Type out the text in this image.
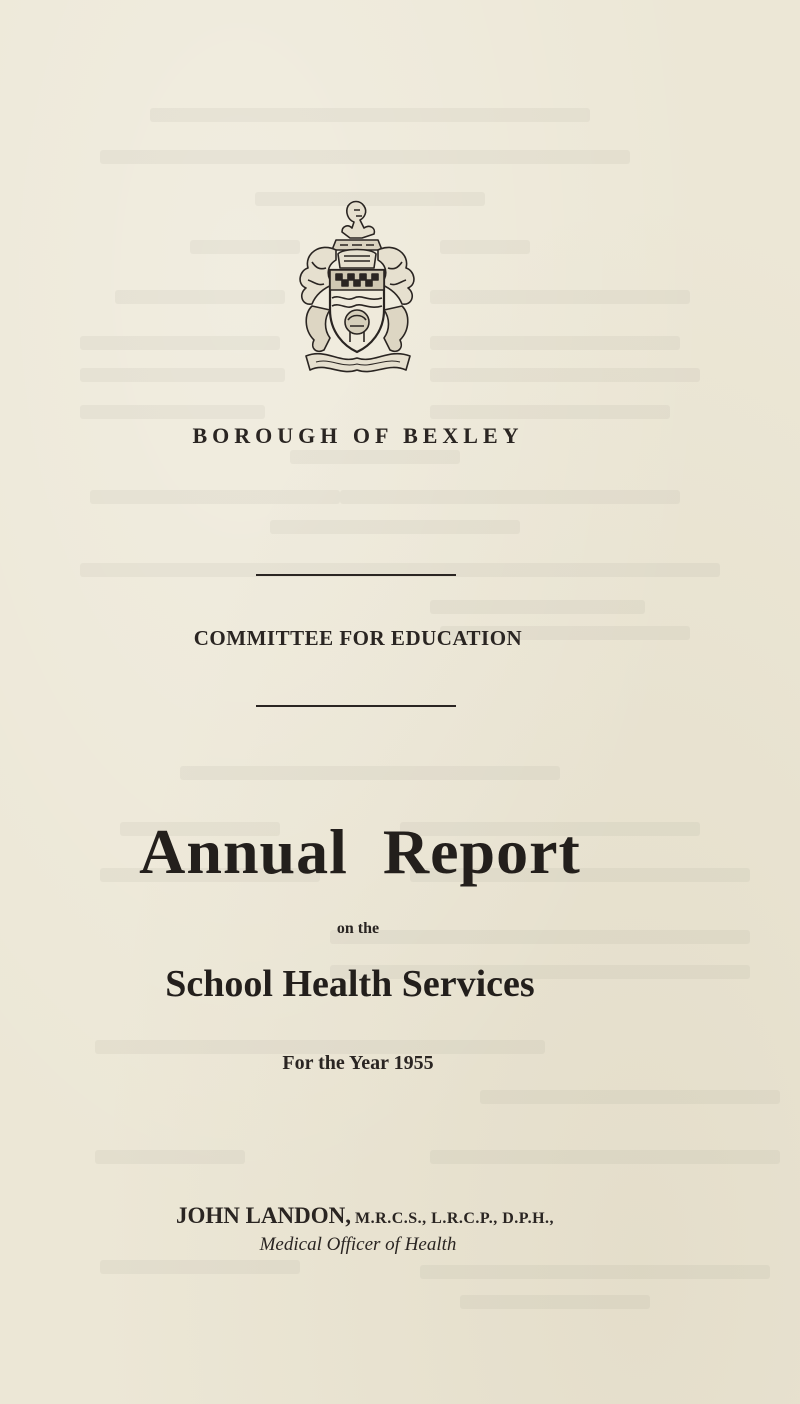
BOROUGH OF BEXLEY
COMMITTEE FOR EDUCATION
Annual Report
on the
School Health Services
For the Year 1955
JOHN LANDON, M.R.C.S., L.R.C.P., D.P.H.,
Medical Officer of Health
